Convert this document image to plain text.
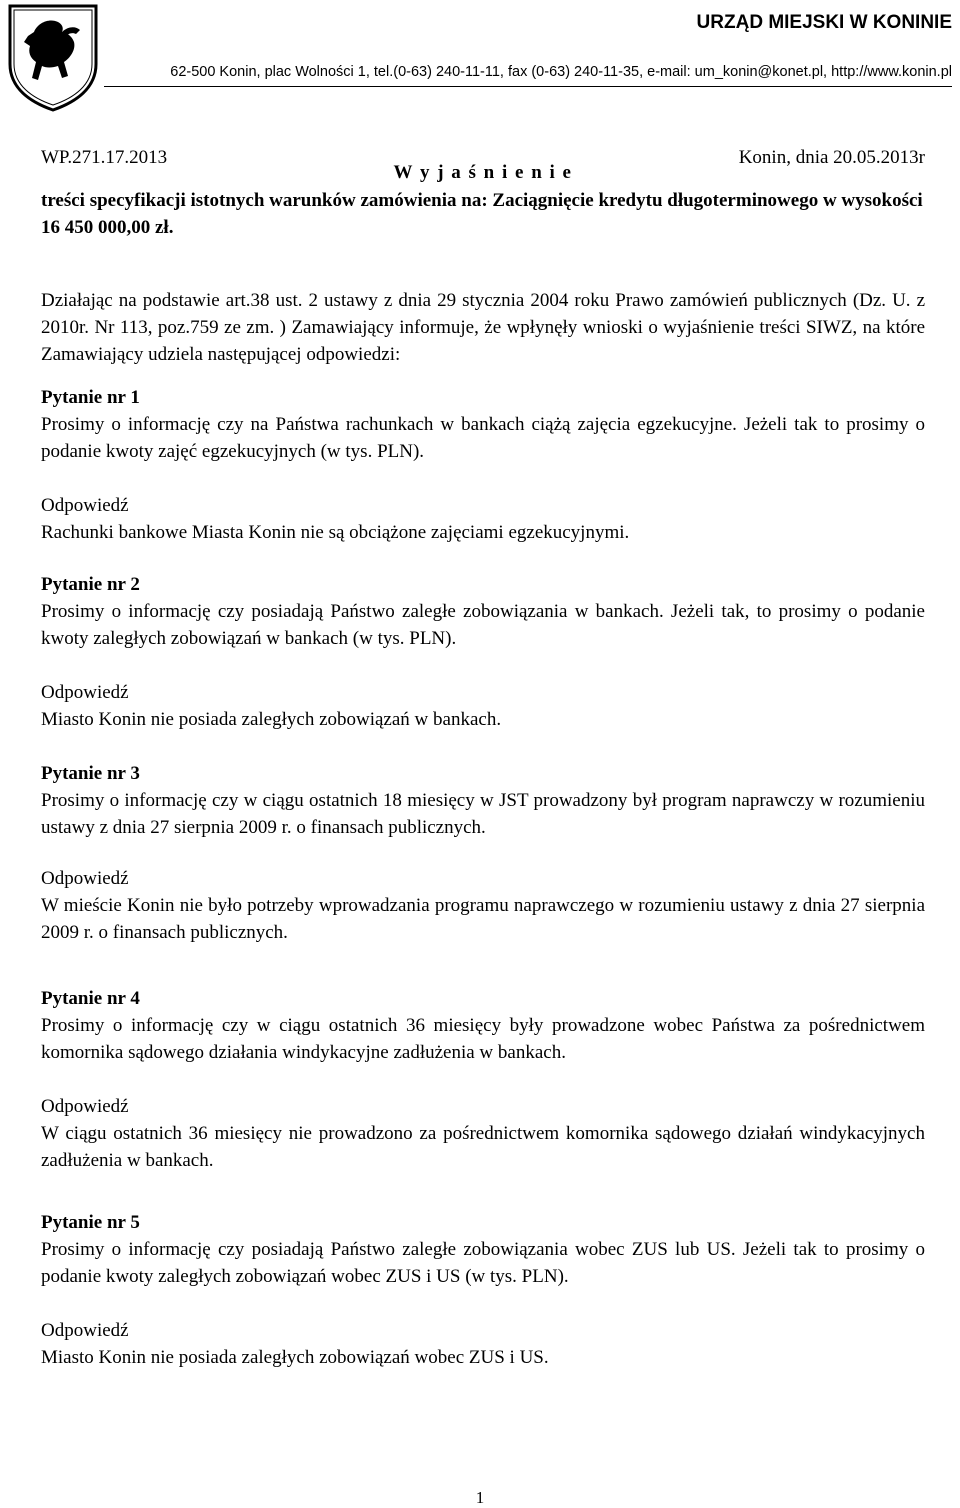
URZĄD MIEJSKI W KONINIE
62-500 Konin, plac Wolności 1, tel.(0-63) 240-11-11, fax (0-63) 240-11-35, e-mail: um_konin@konet.pl, http://www.konin.pl
WP.271.17.2013	Konin, dnia 20.05.2013r
W y j a ś n i e n i e
treści specyfikacji istotnych warunków zamówienia na: Zaciągnięcie kredytu długoterminowego w wysokości 16 450 000,00 zł.
Działając na podstawie art.38 ust. 2 ustawy z dnia 29 stycznia 2004 roku Prawo zamówień publicznych (Dz. U. z 2010r. Nr 113, poz.759 ze zm. ) Zamawiający informuje, że wpłynęły wnioski o wyjaśnienie treści SIWZ, na które Zamawiający udziela następującej odpowiedzi:

Pytanie nr 1

Prosimy o informację czy na Państwa rachunkach w bankach ciążą zajęcia egzekucyjne. Jeżeli tak to prosimy o podanie kwoty zajęć egzekucyjnych (w tys. PLN).

Odpowiedź

Rachunki bankowe Miasta Konin nie są obciążone zajęciami egzekucyjnymi.

Pytanie nr 2

Prosimy o informację czy posiadają Państwo zaległe zobowiązania w bankach. Jeżeli tak, to prosimy o podanie kwoty zaległych zobowiązań w bankach (w tys. PLN).

Odpowiedź

Miasto Konin nie posiada zaległych zobowiązań w bankach.

Pytanie nr 3

Prosimy o informację czy w ciągu ostatnich 18 miesięcy w JST prowadzony był program naprawczy w rozumieniu ustawy z dnia 27 sierpnia 2009 r. o finansach publicznych.

Odpowiedź

W mieście Konin nie było potrzeby wprowadzania programu naprawczego w rozumieniu ustawy z dnia 27 sierpnia 2009 r. o finansach publicznych.

Pytanie nr 4

Prosimy o informację czy w ciągu ostatnich 36 miesięcy były prowadzone wobec Państwa za pośrednictwem komornika sądowego działania windykacyjne zadłużenia w bankach.

Odpowiedź

W ciągu ostatnich 36 miesięcy nie prowadzono za pośrednictwem komornika sądowego działań windykacyjnych zadłużenia w bankach.

Pytanie nr 5

Prosimy o informację czy posiadają Państwo zaległe zobowiązania wobec ZUS lub US. Jeżeli tak to prosimy o podanie kwoty zaległych zobowiązań wobec ZUS i US (w tys. PLN).

Odpowiedź

Miasto Konin nie posiada zaległych zobowiązań wobec ZUS i US.

1
